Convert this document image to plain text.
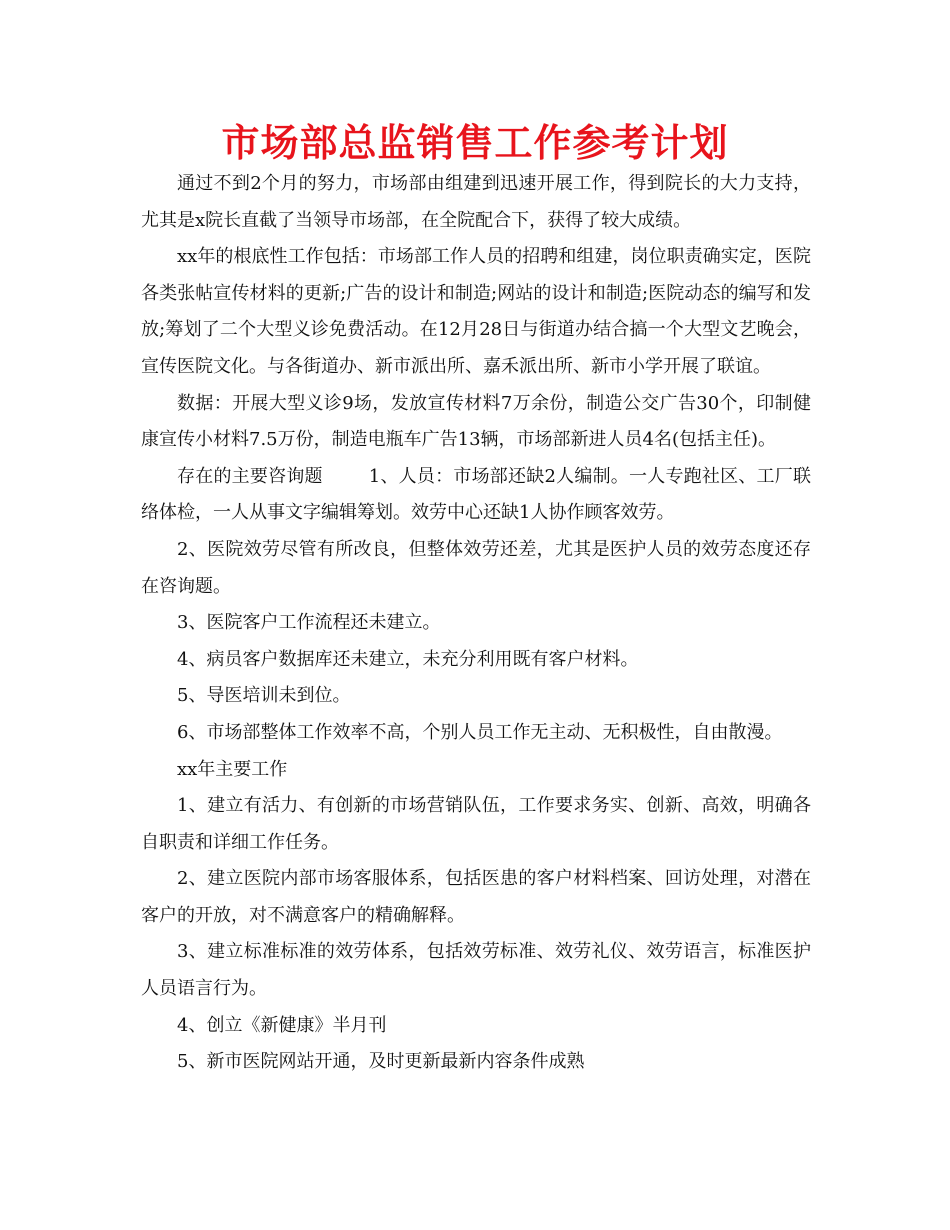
市场部总监销售工作参考计划

通过不到2个月的努力，市场部由组建到迅速开展工作，得到院长的大力支持，尤其是x院长直截了当领导市场部，在全院配合下，获得了较大成绩。

xx年的根底性工作包括：市场部工作人员的招聘和组建，岗位职责确实定，医院各类张帖宣传材料的更新;广告的设计和制造;网站的设计和制造;医院动态的编写和发放;筹划了二个大型义诊免费活动。在12月28日与街道办结合搞一个大型文艺晚会，宣传医院文化。与各街道办、新市派出所、嘉禾派出所、新市小学开展了联谊。

数据：开展大型义诊9场，发放宣传材料7万余份，制造公交广告30个，印制健康宣传小材料7.5万份，制造电瓶车广告13辆，市场部新进人员4名(包括主任)。

存在的主要咨询题	1、人员：市场部还缺2人编制。一人专跑社区、工厂联络体检，一人从事文字编辑筹划。效劳中心还缺1人协作顾客效劳。

2、医院效劳尽管有所改良，但整体效劳还差，尤其是医护人员的效劳态度还存在咨询题。

3、医院客户工作流程还未建立。

4、病员客户数据库还未建立，未充分利用既有客户材料。

5、导医培训未到位。

6、市场部整体工作效率不高，个别人员工作无主动、无积极性，自由散漫。

xx年主要工作

1、建立有活力、有创新的市场营销队伍，工作要求务实、创新、高效，明确各自职责和详细工作任务。

2、建立医院内部市场客服体系，包括医患的客户材料档案、回访处理，对潜在客户的开放，对不满意客户的精确解释。

3、建立标准标准的效劳体系，包括效劳标准、效劳礼仪、效劳语言，标准医护人员语言行为。

4、创立《新健康》半月刊

5、新市医院网站开通，及时更新最新内容条件成熟
